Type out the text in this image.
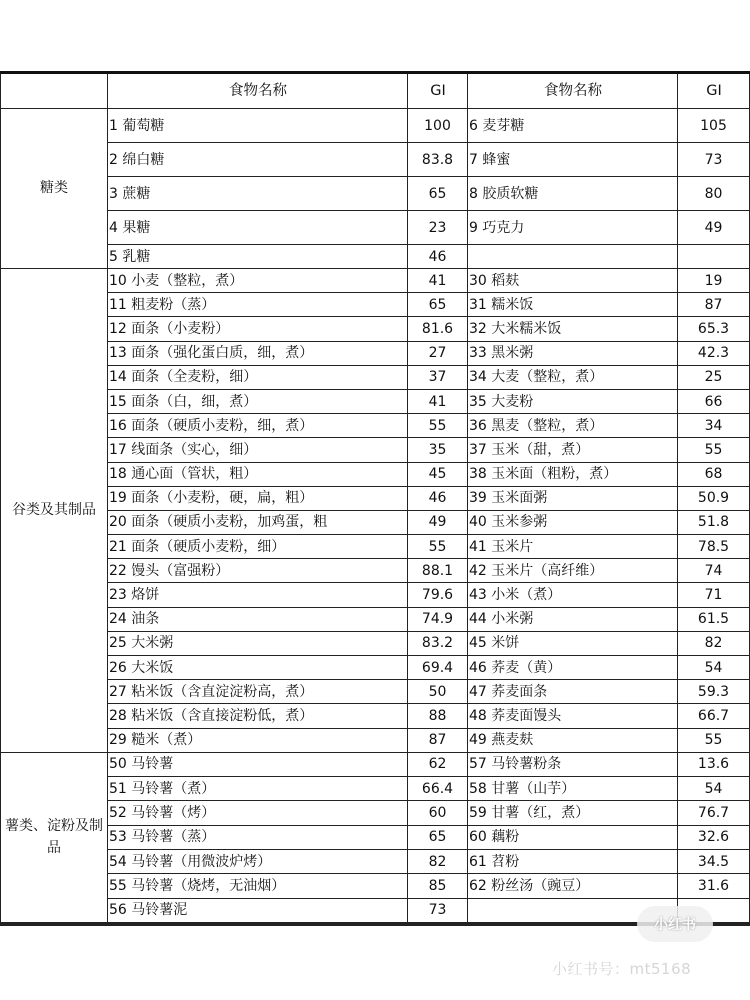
	食物名称	GI	食物名称	GI
糖类	1 葡萄糖	100	6 麦芽糖	105
	2 绵白糖	83.8	7 蜂蜜	73
	3 蔗糖	65	8 胶质软糖	80
	4 果糖	23	9 巧克力	49
	5 乳糖	46		
谷类及其制品	10 小麦（整粒，煮）	41	30 稻麸	19
	11 粗麦粉（蒸）	65	31 糯米饭	87
	12 面条（小麦粉）	81.6	32 大米糯米饭	65.3
	13 面条（强化蛋白质，细，煮）	27	33 黑米粥	42.3
	14 面条（全麦粉，细）	37	34 大麦（整粒，煮）	25
	15 面条（白，细，煮）	41	35 大麦粉	66
	16 面条（硬质小麦粉，细，煮）	55	36 黑麦（整粒，煮）	34
	17 线面条（实心，细）	35	37 玉米（甜，煮）	55
	18 通心面（管状，粗）	45	38 玉米面（粗粉，煮）	68
	19 面条（小麦粉，硬，扁，粗）	46	39 玉米面粥	50.9
	20 面条（硬质小麦粉，加鸡蛋，粗	49	40 玉米参粥	51.8
	21 面条（硬质小麦粉，细）	55	41 玉米片	78.5
	22 馒头（富强粉）	88.1	42 玉米片（高纤维）	74
	23 烙饼	79.6	43 小米（煮）	71
	24 油条	74.9	44 小米粥	61.5
	25 大米粥	83.2	45 米饼	82
	26 大米饭	69.4	46 荞麦（黄）	54
	27 粘米饭（含直淀淀粉高，煮）	50	47 荞麦面条	59.3
	28 粘米饭（含直接淀粉低，煮）	88	48 荞麦面馒头	66.7
	29 糙米（煮）	87	49 燕麦麸	55
薯类、淀粉及制品	50 马铃薯	62	57 马铃薯粉条	13.6
	51 马铃薯（煮）	66.4	58 甘薯（山芋）	54
	52 马铃薯（烤）	60	59 甘薯（红，煮）	76.7
	53 马铃薯（蒸）	65	60 藕粉	32.6
	54 马铃薯（用微波炉烤）	82	61 苕粉	34.5
	55 马铃薯（烧烤，无油烟）	85	62 粉丝汤（豌豆）	31.6
	56 马铃薯泥	73		
小红书
小红书号：mt5168
